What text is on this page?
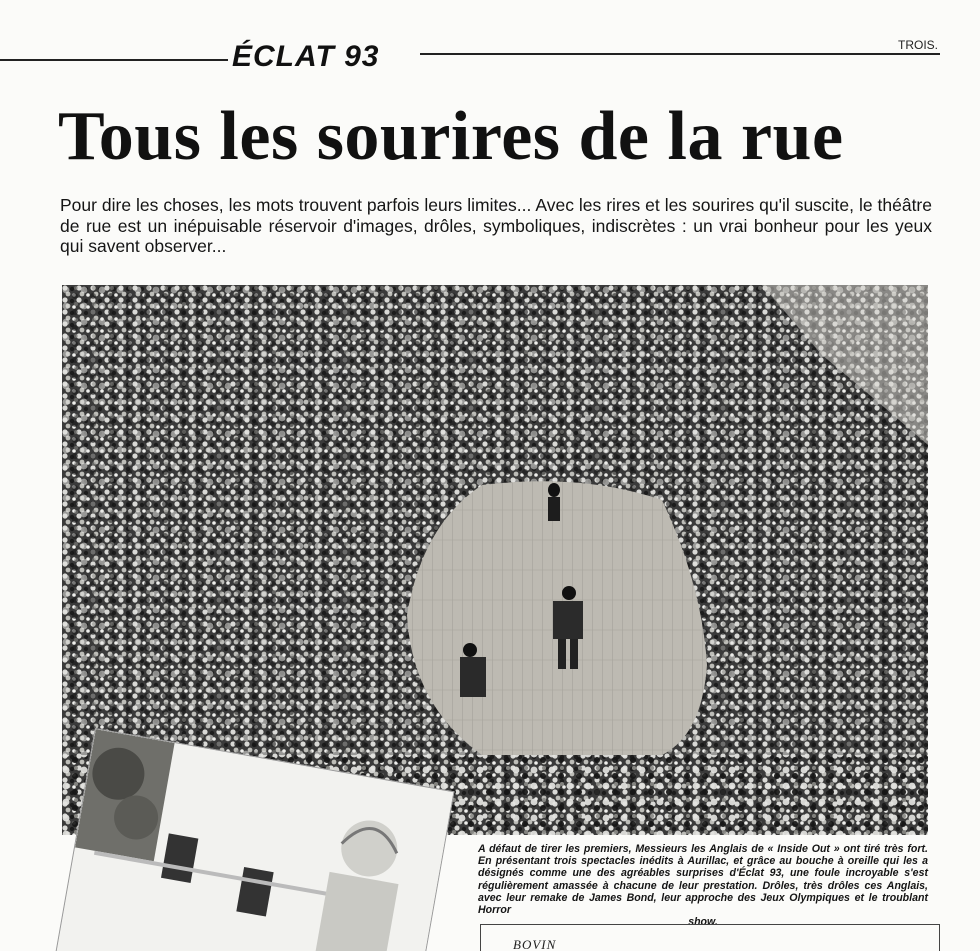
ÉCLAT 93	TROIS.
Tous les sourires de la rue

Pour dire les choses, les mots trouvent parfois leurs limites... Avec les rires et les sourires qu'il suscite, le théâtre de rue est un inépuisable réservoir d'images, drôles, symboliques, indiscrètes : un vrai bonheur pour les yeux qui savent observer...

A défaut de tirer les premiers, Messieurs les Anglais de « Inside Out » ont tiré très fort. En présentant trois spectacles inédits à Aurillac, et grâce au bouche à oreille qui les a désignés comme une des agréables surprises d'Éclat 93, une foule incroyable s'est régulièrement amassée à chacune de leur prestation. Drôles, très drôles ces Anglais, avec leur remake de James Bond, leur approche des Jeux Olympiques et le troublant Horror
show.

BOVIN
